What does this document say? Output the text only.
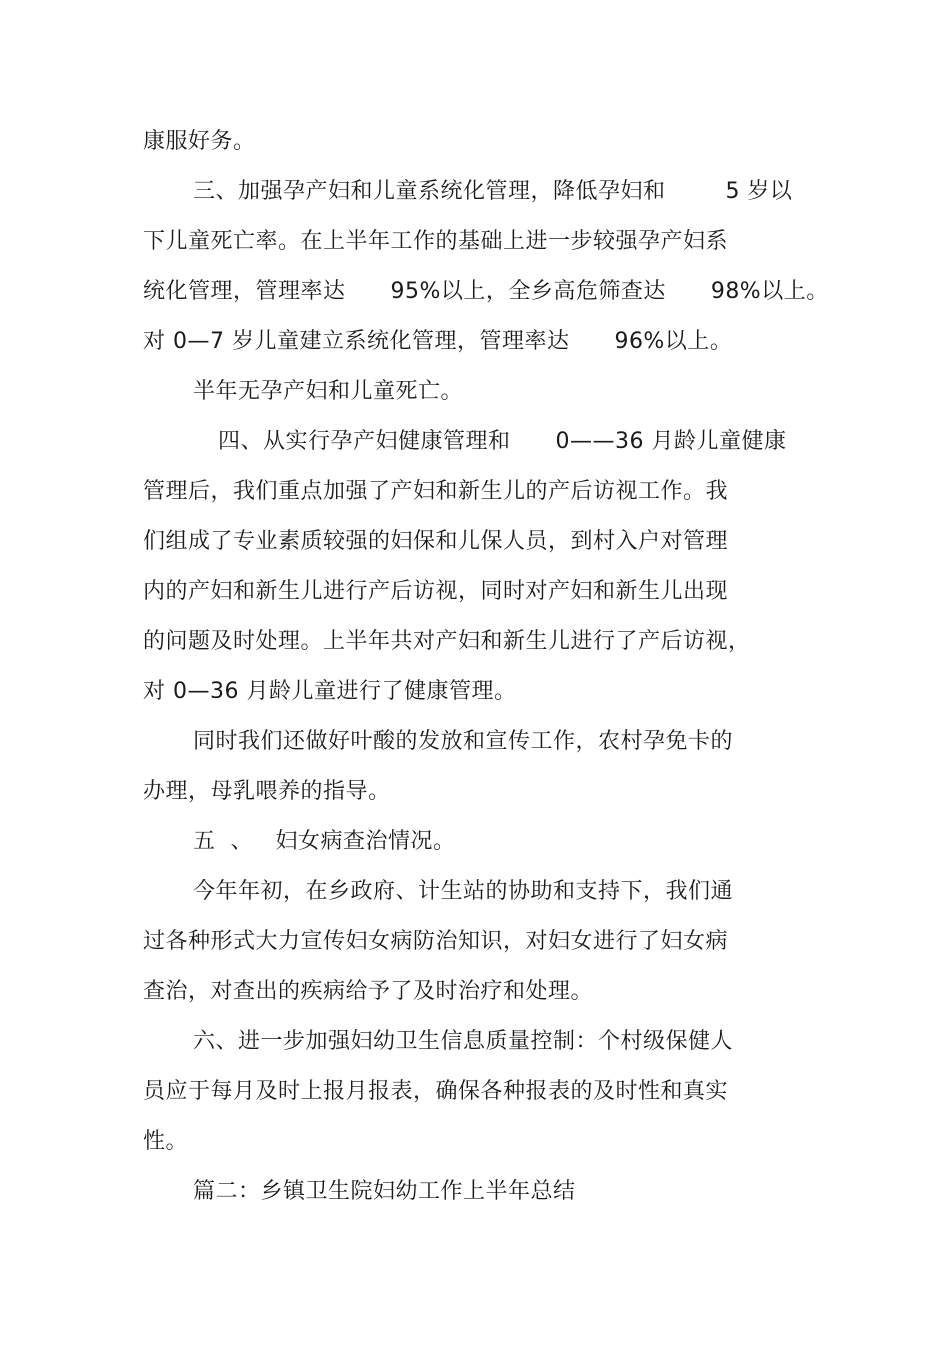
康服好务。
三、加强孕产妇和儿童系统化管理，降低孕妇和        5 岁以
下儿童死亡率。在上半年工作的基础上进一步较强孕产妇系
统化管理，管理率达      95%以上，全乡高危筛查达      98%以上。
对 0—7 岁儿童建立系统化管理，管理率达      96%以上。
半年无孕产妇和儿童死亡。
四、从实行孕产妇健康管理和      0——36 月龄儿童健康
管理后，我们重点加强了产妇和新生儿的产后访视工作。我
们组成了专业素质较强的妇保和儿保人员，到村入户对管理
内的产妇和新生儿进行产后访视，同时对产妇和新生儿出现
的问题及时处理。上半年共对产妇和新生儿进行了产后访视，
对 0—36 月龄儿童进行了健康管理。
同时我们还做好叶酸的发放和宣传工作，农村孕免卡的
办理，母乳喂养的指导。
五  、   妇女病查治情况。
今年年初，在乡政府、计生站的协助和支持下，我们通
过各种形式大力宣传妇女病防治知识，对妇女进行了妇女病
查治，对查出的疾病给予了及时治疗和处理。
六、进一步加强妇幼卫生信息质量控制：个村级保健人
员应于每月及时上报月报表，确保各种报表的及时性和真实
性。
篇二：乡镇卫生院妇幼工作上半年总结
